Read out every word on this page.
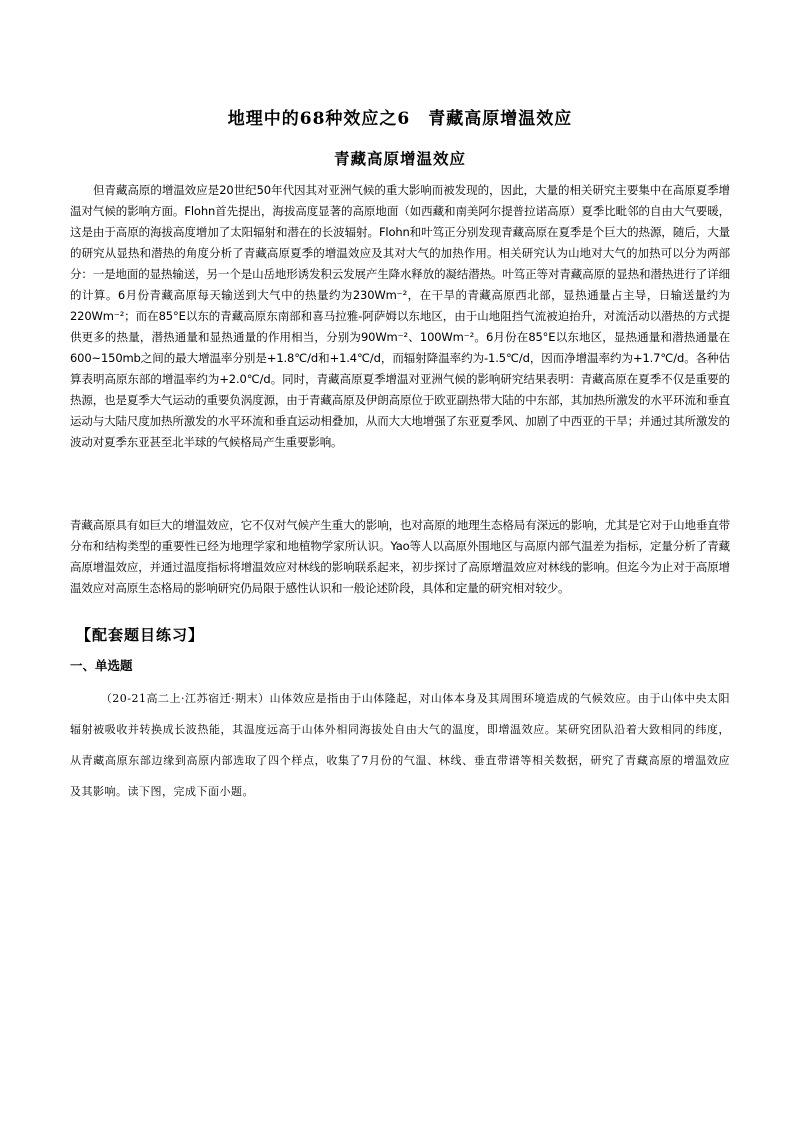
地理中的68种效应之6　青藏高原增温效应
青藏高原增温效应
但青藏高原的增温效应是20世纪50年代因其对亚洲气候的重大影响而被发现的，因此，大量的相关研究主要集中在高原夏季增温对气候的影响方面。Flohn首先提出，海拔高度显著的高原地面（如西藏和南美阿尔提普拉诺高原）夏季比毗邻的自由大气要暖，这是由于高原的海拔高度增加了太阳辐射和潜在的长波辐射。Flohn和叶笃正分别发现青藏高原在夏季是个巨大的热源，随后，大量的研究从显热和潜热的角度分析了青藏高原夏季的增温效应及其对大气的加热作用。相关研究认为山地对大气的加热可以分为两部分：一是地面的显热输送，另一个是山岳地形诱发积云发展产生降水释放的凝结潜热。叶笃正等对青藏高原的显热和潜热进行了详细的计算。6月份青藏高原每天输送到大气中的热量约为230Wm⁻²，在干旱的青藏高原西北部，显热通量占主导，日输送量约为220Wm⁻²；而在85°E以东的青藏高原东南部和喜马拉雅-阿萨姆以东地区，由于山地阻挡气流被迫抬升，对流活动以潜热的方式提供更多的热量，潜热通量和显热通量的作用相当，分别为90Wm⁻²、100Wm⁻²。6月份在85°E以东地区，显热通量和潜热通量在600~150mb之间的最大增温率分别是+1.8℃/d和+1.4℃/d，而辐射降温率约为-1.5℃/d，因而净增温率约为+1.7℃/d。各种估算表明高原东部的增温率约为+2.0℃/d。同时，青藏高原夏季增温对亚洲气候的影响研究结果表明：青藏高原在夏季不仅是重要的热源，也是夏季大气运动的重要负涡度源，由于青藏高原及伊朗高原位于欧亚副热带大陆的中东部，其加热所激发的水平环流和垂直运动与大陆尺度加热所激发的水平环流和垂直运动相叠加，从而大大地增强了东亚夏季风、加剧了中西亚的干旱；并通过其所激发的波动对夏季东亚甚至北半球的气候格局产生重要影响。
青藏高原具有如巨大的增温效应，它不仅对气候产生重大的影响，也对高原的地理生态格局有深远的影响，尤其是它对于山地垂直带分布和结构类型的重要性已经为地理学家和地植物学家所认识。Yao等人以高原外围地区与高原内部气温差为指标，定量分析了青藏高原增温效应，并通过温度指标将增温效应对林线的影响联系起来，初步探讨了高原增温效应对林线的影响。但迄今为止对于高原增温效应对高原生态格局的影响研究仍局限于感性认识和一般论述阶段，具体和定量的研究相对较少。
【配套题目练习】
一、单选题
（20-21高二上·江苏宿迁·期末）山体效应是指由于山体隆起，对山体本身及其周围环境造成的气候效应。由于山体中央太阳辐射被吸收并转换成长波热能，其温度远高于山体外相同海拔处自由大气的温度，即增温效应。某研究团队沿着大致相同的纬度，从青藏高原东部边缘到高原内部选取了四个样点，收集了7月份的气温、林线、垂直带谱等相关数据，研究了青藏高原的增温效应及其影响。读下图，完成下面小题。
